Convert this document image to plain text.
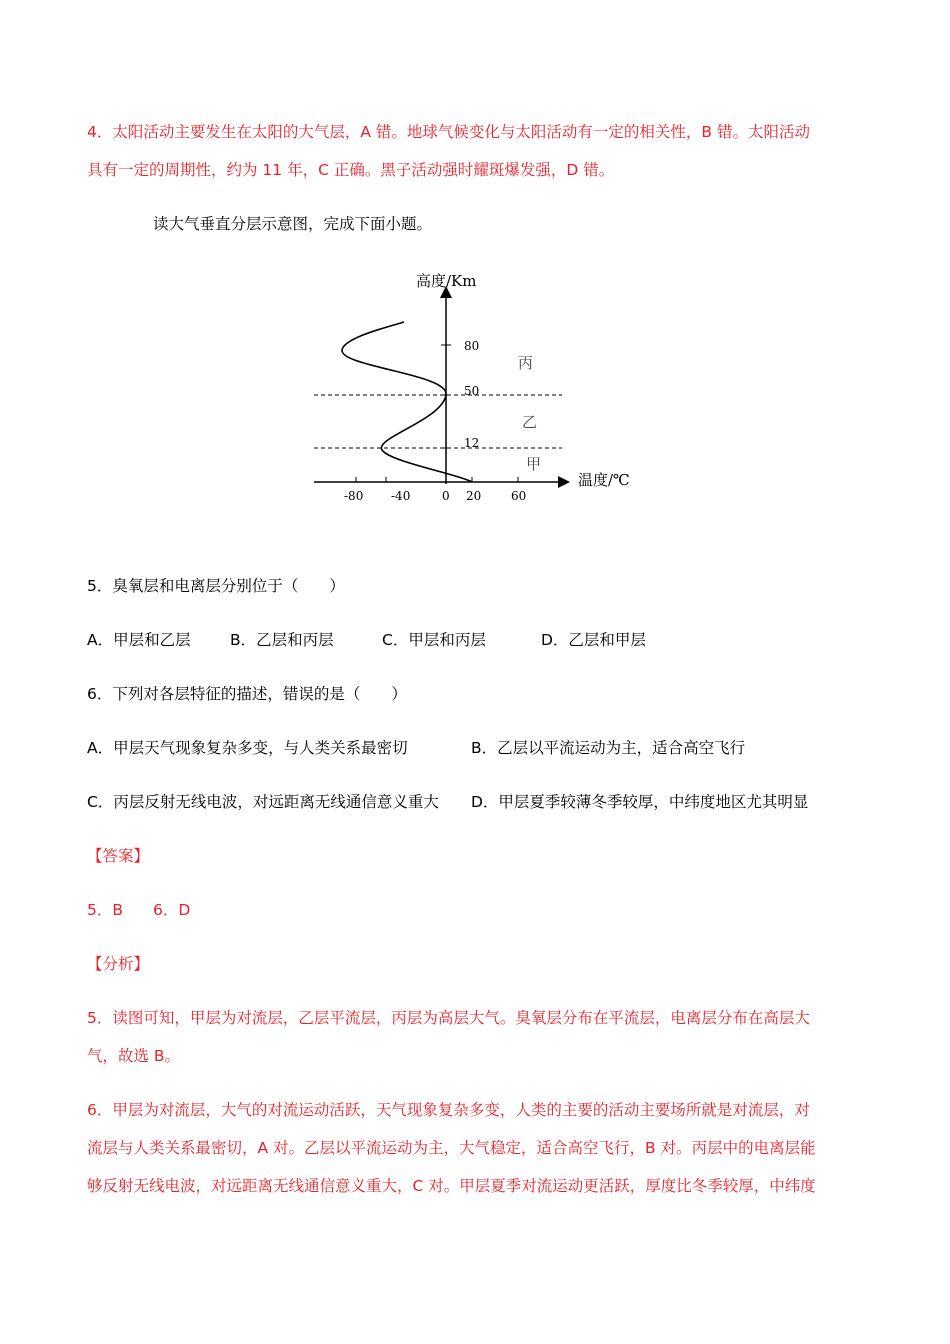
4．太阳活动主要发生在太阳的大气层，A 错。地球气候变化与太阳活动有一定的相关性，B 错。太阳活动
具有一定的周期性，约为 11 年，C 正确。黑子活动强时耀斑爆发强，D 错。
读大气垂直分层示意图，完成下面小题。
80
50
12
-80 -40	0 20 60
丙
乙
甲
高度/Km
温度/℃
5．臭氧层和电离层分别位于（　　）
A．甲层和乙层	B．乙层和丙层	C．甲层和丙层	D．乙层和甲层
6．下列对各层特征的描述，错误的是（　　）
A．甲层天气现象复杂多变，与人类关系最密切	B．乙层以平流运动为主，适合高空飞行
C．丙层反射无线电波，对远距离无线通信意义重大 D．甲层夏季较薄冬季较厚，中纬度地区尤其明显
【答案】
5．B 6．D
【分析】
5．读图可知，甲层为对流层，乙层平流层，丙层为高层大气。臭氧层分布在平流层，电离层分布在高层大
气，故选 B。
6．甲层为对流层，大气的对流运动活跃，天气现象复杂多变，人类的主要的活动主要场所就是对流层，对
流层与人类关系最密切，A 对。乙层以平流运动为主，大气稳定，适合高空飞行，B 对。丙层中的电离层能
够反射无线电波，对远距离无线通信意义重大，C 对。甲层夏季对流运动更活跃，厚度比冬季较厚，中纬度
